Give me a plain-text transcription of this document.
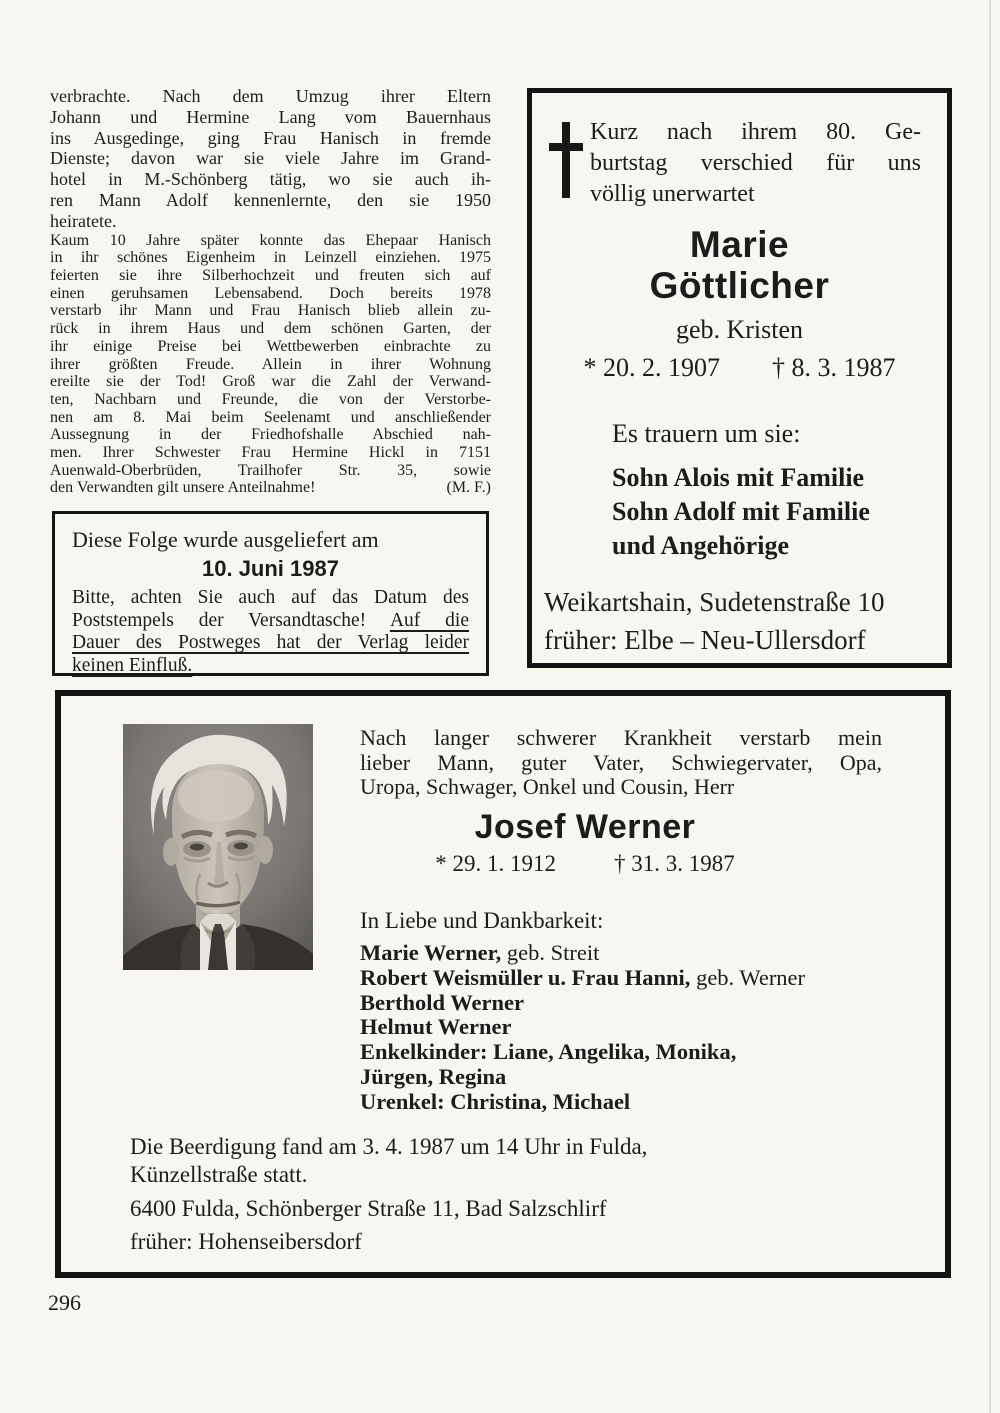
verbrachte. Nach dem Umzug ihrer Eltern
Johann und Hermine Lang vom Bauernhaus
ins Ausgedinge, ging Frau Hanisch in fremde
Dienste; davon war sie viele Jahre im Grand-
hotel in M.-Schönberg tätig, wo sie auch ih-
ren Mann Adolf kennenlernte, den sie 1950
heiratete.
Kaum 10 Jahre später konnte das Ehepaar Hanisch
in ihr schönes Eigenheim in Leinzell einziehen. 1975
feierten sie ihre Silberhochzeit und freuten sich auf
einen geruhsamen Lebensabend. Doch bereits 1978
verstarb ihr Mann und Frau Hanisch blieb allein zu-
rück in ihrem Haus und dem schönen Garten, der
ihr einige Preise bei Wettbewerben einbrachte zu
ihrer größten Freude. Allein in ihrer Wohnung
ereilte sie der Tod! Groß war die Zahl der Verwand-
ten, Nachbarn und Freunde, die von der Verstorbe-
nen am 8. Mai beim Seelenamt und anschließender
Aussegnung in der Friedhofshalle Abschied nah-
men. Ihrer Schwester Frau Hermine Hickl in 7151
Auenwald-Oberbrüden, Trailhofer Str. 35, sowie
den Verwandten gilt unsere Anteilnahme!	(M. F.)
Diese Folge wurde ausgeliefert am
10. Juni 1987
Bitte, achten Sie auch auf das Datum des
Poststempels der Versandtasche! Auf die
Dauer des Postweges hat der Verlag leider
keinen Einfluß.
Kurz nach ihrem 80. Ge-
burtstag verschied für uns
völlig unerwartet
Marie
Göttlicher
geb. Kristen
* 20. 2. 1907 † 8. 3. 1987
Es trauern um sie:
Sohn Alois mit Familie
Sohn Adolf mit Familie
und Angehörige
Weikartshain, Sudetenstraße 10
früher: Elbe – Neu-Ullersdorf
Nach langer schwerer Krankheit verstarb mein
lieber Mann, guter Vater, Schwiegervater, Opa,
Uropa, Schwager, Onkel und Cousin, Herr
Josef Werner
* 29. 1. 1912	† 31. 3. 1987
In Liebe und Dankbarkeit:
Marie Werner, geb. Streit
Robert Weismüller u. Frau Hanni, geb. Werner
Berthold Werner
Helmut Werner
Enkelkinder: Liane, Angelika, Monika,
Jürgen, Regina
Urenkel: Christina, Michael
Die Beerdigung fand am 3. 4. 1987 um 14 Uhr in Fulda,
Künzellstraße statt.
6400 Fulda, Schönberger Straße 11, Bad Salzschlirf
früher: Hohenseibersdorf
296
